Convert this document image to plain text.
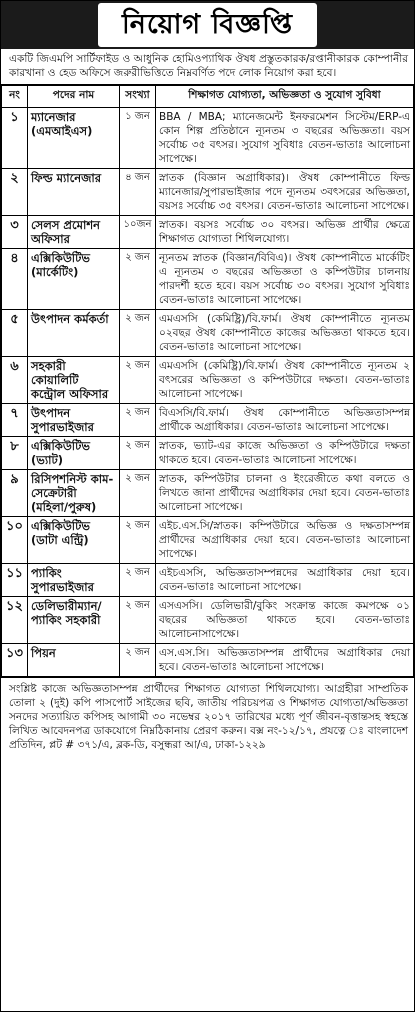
নিয়োগ বিজ্ঞপ্তি
একটি জিএমপি সার্টিফাইড ও আধুনিক হোমিওপ্যাথিক ঔষধ প্রস্তুতকারক/রপ্তানীকারক কোম্পানীর কারখানা ও হেড অফিসে জরুরীভিত্তিতে নিম্নবর্ণিত পদে লোক নিয়োগ করা হবে।
নং	পদের নাম	সংখ্যা	শিক্ষাগত যোগ্যতা, অভিজ্ঞতা ও সুযোগ সুবিধা
১	ম্যানেজার (এমআইএস)	১ জন	BBA / MBA; ম্যানেজমেন্ট ইনফরমেশন সিস্টেম/ERP-এ কোন শিল্প প্রতিষ্ঠানে ন্যূনতম ৩ বছরের অভিজ্ঞতা। বয়স সর্বোচ্চ ৩৫ বৎসর। সুযোগ সুবিধাঃ বেতন-ভাতাঃ আলোচনা সাপেক্ষে।
২	ফিল্ড ম্যানেজার	৪ জন	স্নাতক (বিজ্ঞান অগ্রাধিকার)। ঔষধ কোম্পানীতে ফিল্ড ম্যানেজার/সুপারভাইজার পদে ন্যূনতম ৩বৎসরের অভিজ্ঞতা, বয়সঃ সর্বোচ্চ ৩৫ বৎসর। বেতন-ভাতাঃ আলোচনা সাপেক্ষে।
৩	সেলস প্রমোশন অফিসার	১০জন	স্নাতক। বয়সঃ সর্বোচ্চ ৩০ বৎসর। অভিজ্ঞ প্রার্থীর ক্ষেত্রে শিক্ষাগত যোগ্যতা শিথিলযোগ্য।
৪	এক্সিকিউটিভ (মার্কেটিং)	২ জন	ন্যূনতম স্নাতক (বিজ্ঞান/বিবিএ)। ঔষধ কোম্পানীতে মার্কেটিং এ ন্যূনতম ৩ বছরের অভিজ্ঞতা ও কম্পিউটার চালনায় পারদর্শী হতে হবে। বয়স সর্বোচ্চ ৩০ বৎসর। সুযোগ সুবিধাঃ বেতন-ভাতাঃ আলোচনা সাপেক্ষে।
৫	উৎপাদন কর্মকর্তা	২ জন	এমএসসি (কেমিষ্ট্রি)/বি.ফার্ম। ঔষধ কোম্পানীতে ন্যূনতম ০২বছর ঔষধ কোম্পানীতে কাজের অভিজ্ঞতা থাকতে হবে। বেতন-ভাতাঃ আলোচনা সাপেক্ষে।
৬	সহকারী কোয়ালিটি কন্ট্রোল অফিসার	২ জন	এমএসসি (কেমিষ্ট্রি)/বি.ফার্ম। ঔষধ কোম্পানীতে ন্যূনতম ২ বৎসরের অভিজ্ঞতা ও কম্পিউটারে দক্ষতা। বেতন-ভাতাঃ আলোচনা সাপেক্ষে।
৭	উৎপাদন সুপারভাইজার	২ জন	বিএসসি/বি.ফার্ম। ঔষধ কোম্পানীতে অভিজ্ঞতাসম্পন্ন প্রার্থীকে অগ্রাধিকার। বেতন-ভাতাঃ আলোচনা সাপেক্ষে।
৮	এক্সিকিউটিভ (ভ্যাট)	২ জন	স্নাতক, ভ্যাট-এর কাজে অভিজ্ঞতা ও কম্পিউটারে দক্ষতা থাকতে হবে। বেতন-ভাতাঃ আলোচনা সাপেক্ষে।
৯	রিসিপশনিস্ট কাম-সেক্রেটারী (মহিলা/পুরুষ)	২ জন	স্নাতক, কম্পিউটার চালনা ও ইংরেজীতে কথা বলতে ও লিখতে জানা প্রার্থীদের অগ্রাধিকার দেয়া হবে। বেতন-ভাতাঃ আলোচনা সাপেক্ষে।
১০	এক্সিকিউটিভ (ডাটা এন্ট্রি)	২ জন	এইচ.এস.সি/স্নাতক। কম্পিউটারে অভিজ্ঞ ও দক্ষতাসম্পন্ন প্রার্থীদের অগ্রাধিকার দেয়া হবে। বেতন-ভাতাঃ আলোচনা সাপেক্ষে।
১১	প্যাকিং সুপারভাইজার	২ জন	এইচএসসি, অভিজ্ঞতাসম্পন্নদের অগ্রাধিকার দেয়া হবে। বেতন-ভাতাঃ আলোচনা সাপেক্ষে।
১২	ডেলিভারীম্যান/প্যাকিং সহকারী	২ জন	এসএসসি। ডেলিভারী/বুকিং সংক্রান্ত কাজে কমপক্ষে ০১ বছরের অভিজ্ঞতা থাকতে হবে। বেতন-ভাতাঃ আলোচনাসাপেক্ষে।
১৩	পিয়ন	২ জন	এস.এস.সি। অভিজ্ঞতাসম্পন্ন প্রার্থীদের অগ্রাধিকার দেয়া হবে। বেতন-ভাতাঃ আলোচনা সাপেক্ষে।
সংশ্লিষ্ট কাজে অভিজ্ঞতাসম্পন্ন প্রার্থীদের শিক্ষাগত যোগ্যতা শিথিলযোগ্য। আগ্রহীরা সাম্প্রতিক তোলা ২ (দুই) কপি পাসপোর্ট সাইজের ছবি, জাতীয় পরিচয়পত্র ও শিক্ষাগত যোগ্যতা/অভিজ্ঞতা সনদের সত্যায়িত কপিসহ আগামী ৩০ নভেম্বর ২০১৭ তারিখের মধ্যে পূর্ণ জীবন-বৃত্তান্তসহ স্বহস্তে লিখিত আবেদনপত্র ডাকযোগে নিম্নঠিকানায় প্রেরণ করুন। বক্স নং-১২/১৭, প্রযত্নে ঃ বাংলাদেশ প্রতিদিন, প্লট # ৩৭১/এ, ব্লক-ডি, বসুন্ধরা আ/এ, ঢাকা-১২২৯
